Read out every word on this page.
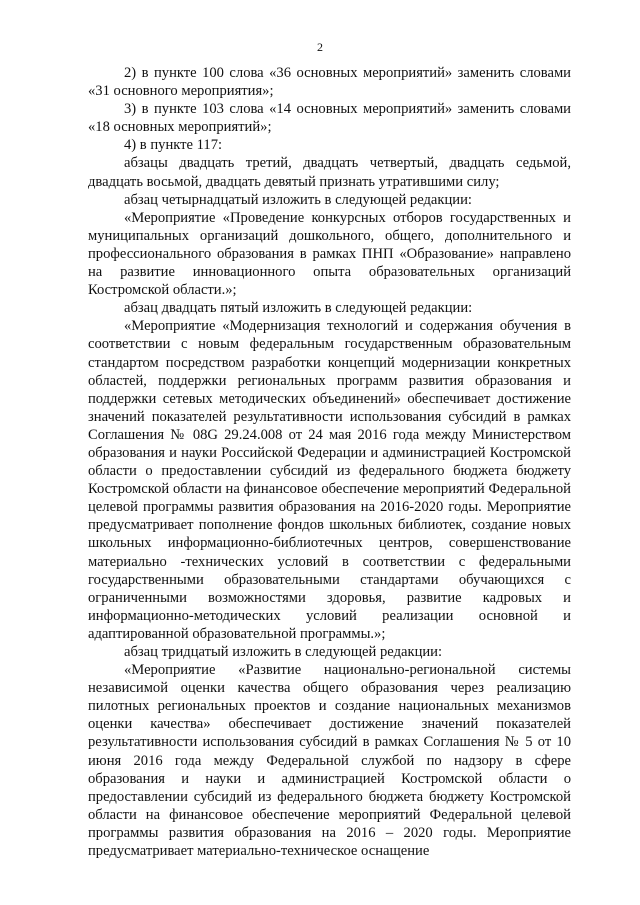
2

2) в пункте 100 слова «36 основных мероприятий» заменить словами «31 основного мероприятия»;

3) в пункте 103 слова «14 основных мероприятий» заменить словами «18 основных мероприятий»;

4) в пункте 117:

абзацы двадцать третий, двадцать четвертый, двадцать седьмой, двадцать восьмой, двадцать девятый признать утратившими силу;

абзац четырнадцатый изложить в следующей редакции:

«Мероприятие «Проведение конкурсных отборов государственных и муниципальных организаций дошкольного, общего, дополнительного и профессионального образования в рамках ПНП «Образование» направлено на развитие инновационного опыта образовательных организаций Костромской области.»;

абзац двадцать пятый изложить в следующей редакции:

«Мероприятие «Модернизация технологий и содержания обучения в соответствии с новым федеральным государственным образовательным стандартом посредством разработки концепций модернизации конкретных областей, поддержки региональных программ развития образования и поддержки сетевых методических объединений» обеспечивает достижение значений показателей результативности использования субсидий в рамках Соглашения № 08G 29.24.008 от 24 мая 2016 года между Министерством образования и науки Российской Федерации и администрацией Костромской области о предоставлении субсидий из федерального бюджета бюджету Костромской области на финансовое обеспечение мероприятий Федеральной целевой программы развития образования на 2016-2020 годы. Мероприятие предусматривает пополнение фондов школьных библиотек, создание новых школьных информационно-библиотечных центров, совершенствование материально -технических условий в соответствии с федеральными государственными образовательными стандартами обучающихся с ограниченными возможностями здоровья, развитие кадровых и информационно-методических условий реализации основной и адаптированной образовательной программы.»;

абзац тридцатый изложить в следующей редакции:

«Мероприятие «Развитие национально-региональной системы независимой оценки качества общего образования через реализацию пилотных региональных проектов и создание национальных механизмов оценки качества» обеспечивает достижение значений показателей результативности использования субсидий в рамках Соглашения № 5 от 10 июня 2016 года между Федеральной службой по надзору в сфере образования и науки и администрацией Костромской области о предоставлении субсидий из федерального бюджета бюджету Костромской области на финансовое обеспечение мероприятий Федеральной целевой программы развития образования на 2016 – 2020 годы. Мероприятие предусматривает материально-техническое оснащение
